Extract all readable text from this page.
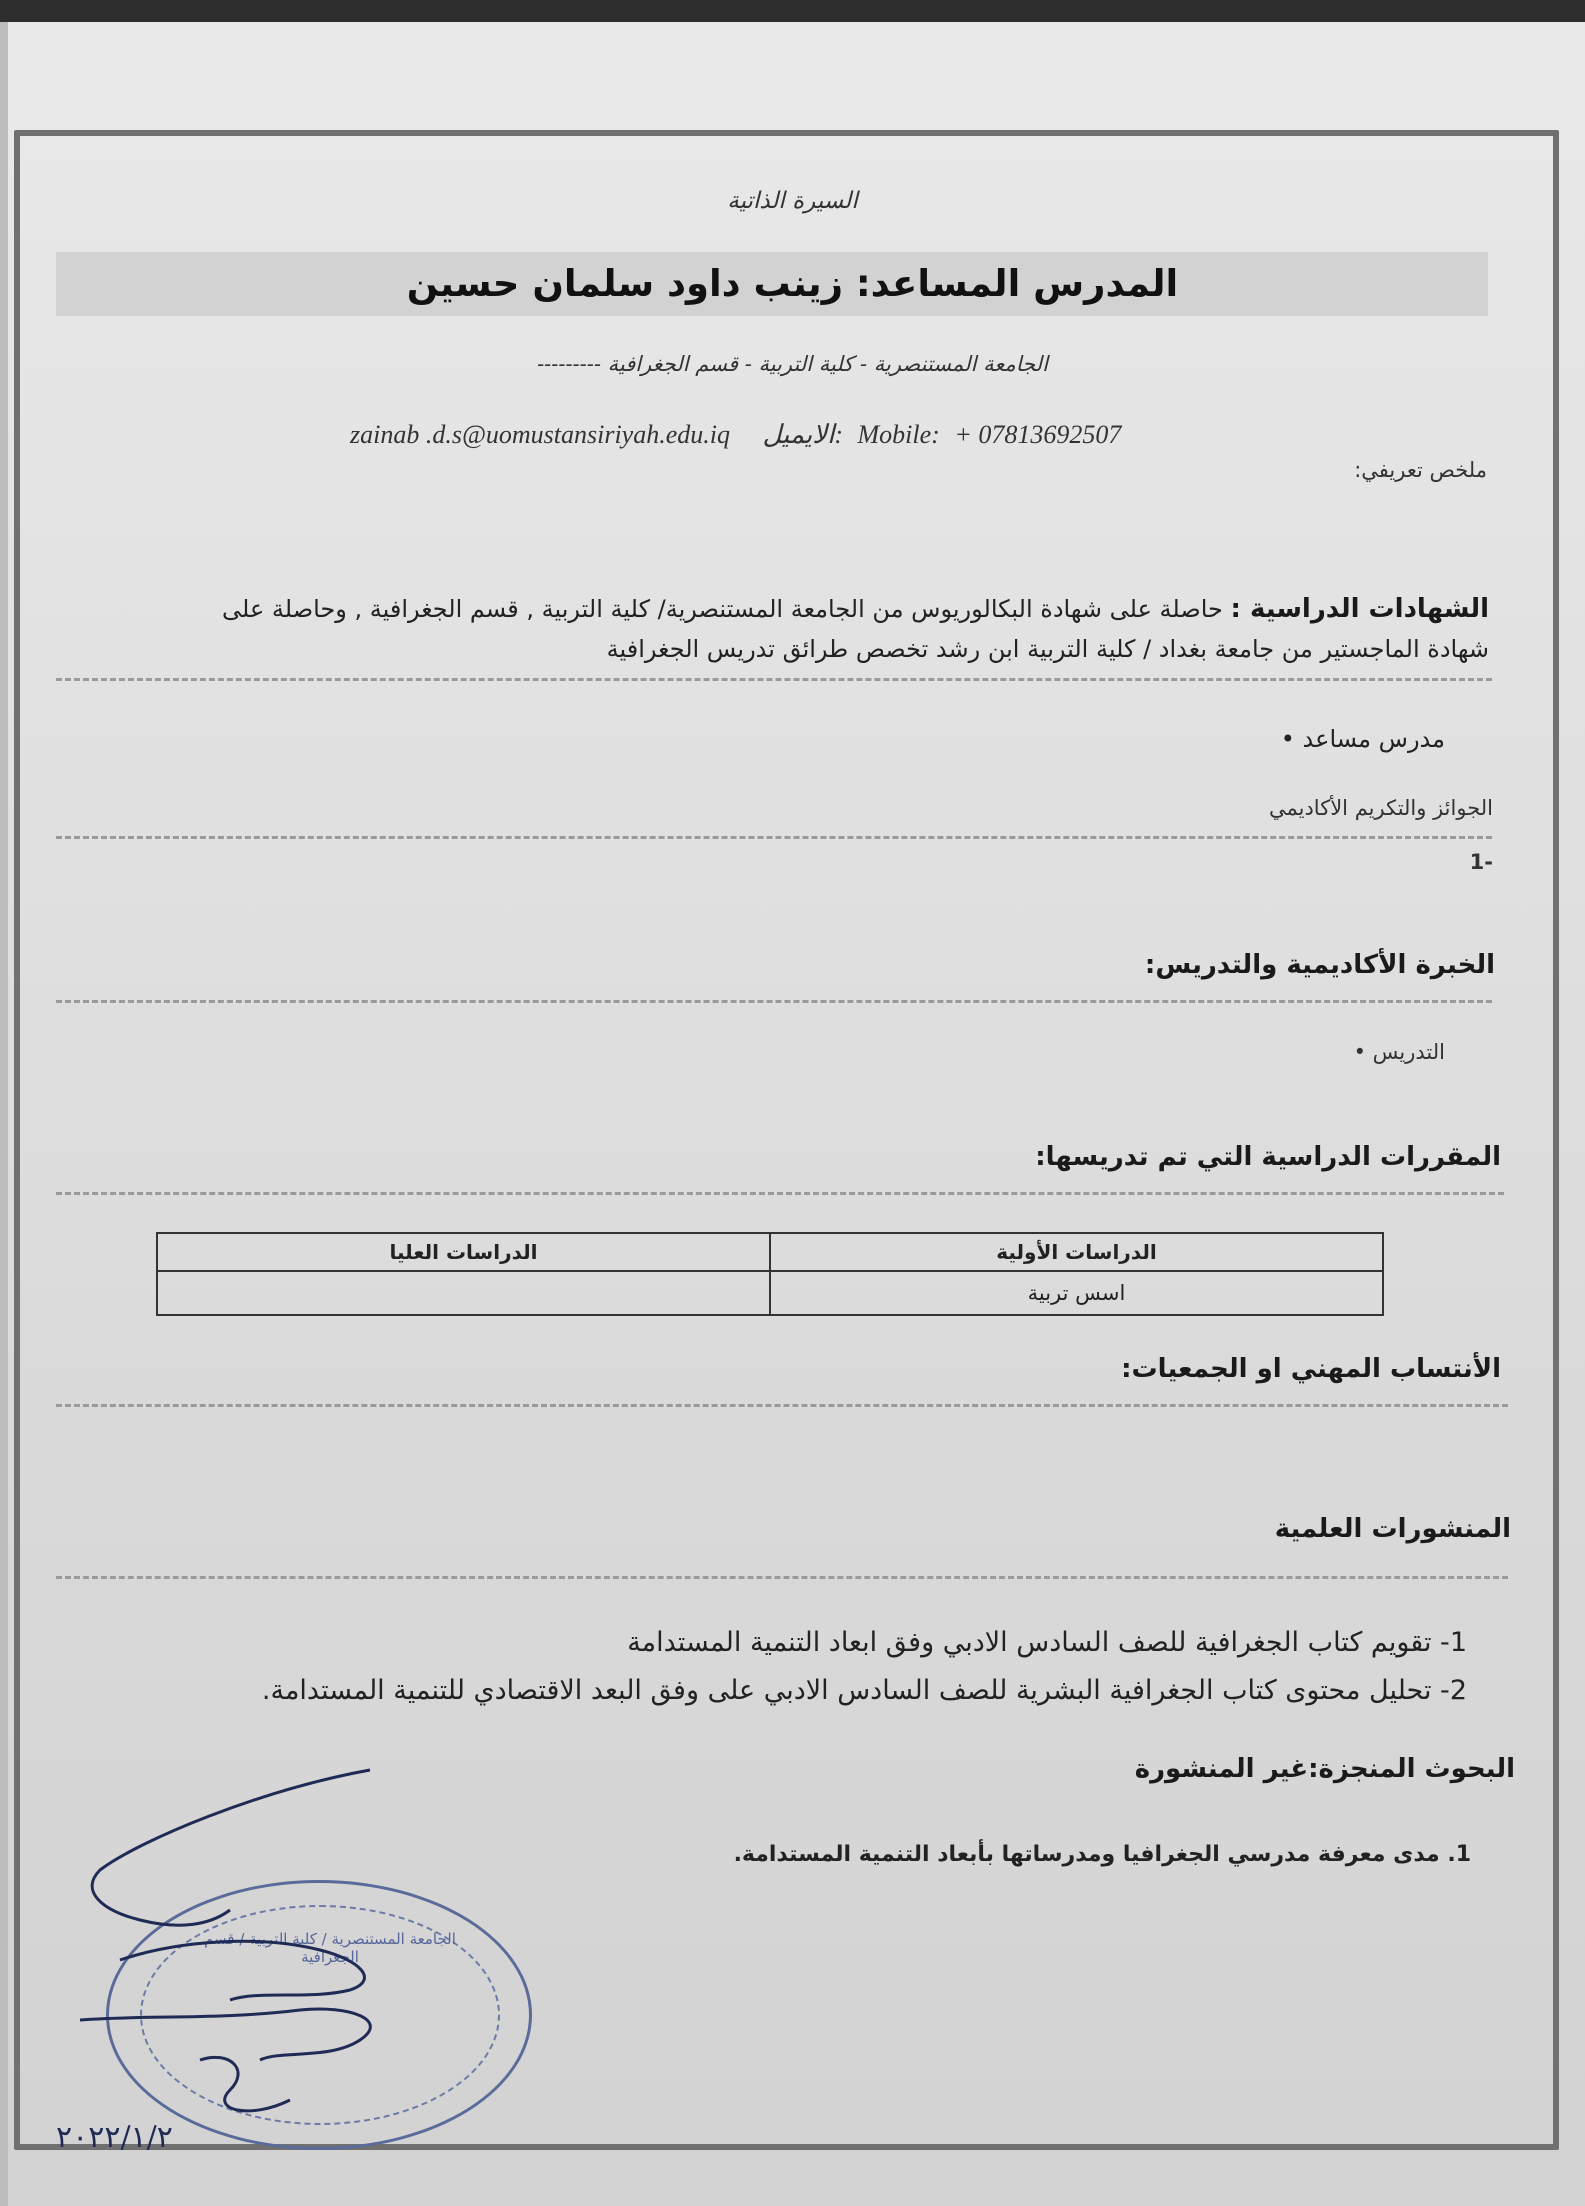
السيرة الذاتية
المدرس المساعد: زينب داود سلمان حسين
الجامعة المستنصرية - كلية التربية - قسم الجغرافية ---------
zainab .d.s@uomustansiriyah.edu.iq الايميل: Mobile: + 07813692507
ملخص تعريفي:
الشهادات الدراسية : حاصلة على شهادة البكالوريوس من الجامعة المستنصرية/ كلية التربية , قسم الجغرافية , وحاصلة على
شهادة الماجستير من جامعة بغداد / كلية التربية ابن رشد تخصص طرائق تدريس الجغرافية
مدرس مساعد •
الجوائز والتكريم الأكاديمي
-1
الخبرة الأكاديمية والتدريس:
التدريس •
المقررات الدراسية التي تم تدريسها:
الدراسات الأولية	الدراسات العليا
اسس تربية	
الأنتساب المهني او الجمعيات:
المنشورات العلمية
1- تقويم كتاب الجغرافية للصف السادس الادبي وفق ابعاد التنمية المستدامة
2- تحليل محتوى كتاب الجغرافية البشرية للصف السادس الادبي على وفق البعد الاقتصادي للتنمية المستدامة.
البحوث المنجزة:غير المنشورة
1. مدى معرفة مدرسي الجغرافيا ومدرساتها بأبعاد التنمية المستدامة.
الجامعة المستنصرية / كلية التربية / قسم الجغرافية
٢٠٢٢/١/٢
